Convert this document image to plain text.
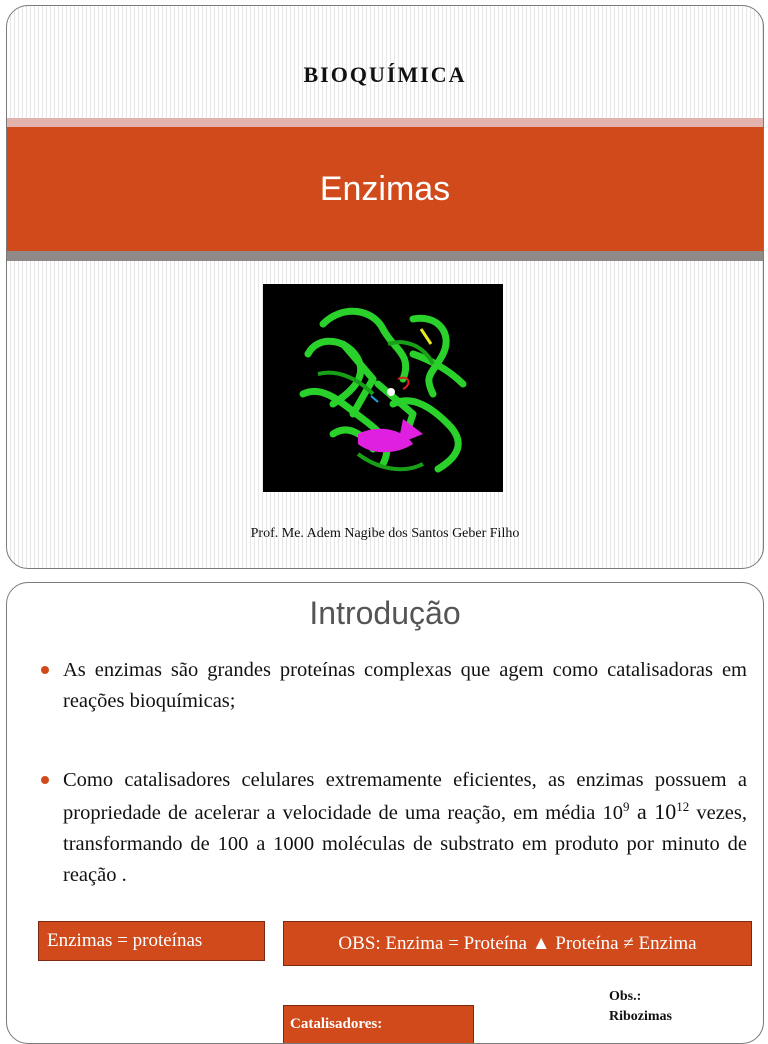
BIOQUÍMICA
Enzimas
Prof. Me. Adem Nagibe dos Santos Geber Filho
Introdução
As enzimas são grandes proteínas complexas que agem como catalisadoras em reações bioquímicas;
Como catalisadores celulares extremamente eficientes, as enzimas possuem a propriedade de acelerar a velocidade de uma reação, em média $10^9$ a $10^{12}$ vezes, transformando de 100 a 1000 moléculas de substrato em produto por minuto de reação .
Enzimas = proteínas	OBS: Enzima = Proteína ▲ Proteína ≠ Enzima
Catalisadores:
Obs.:
Ribozimas
